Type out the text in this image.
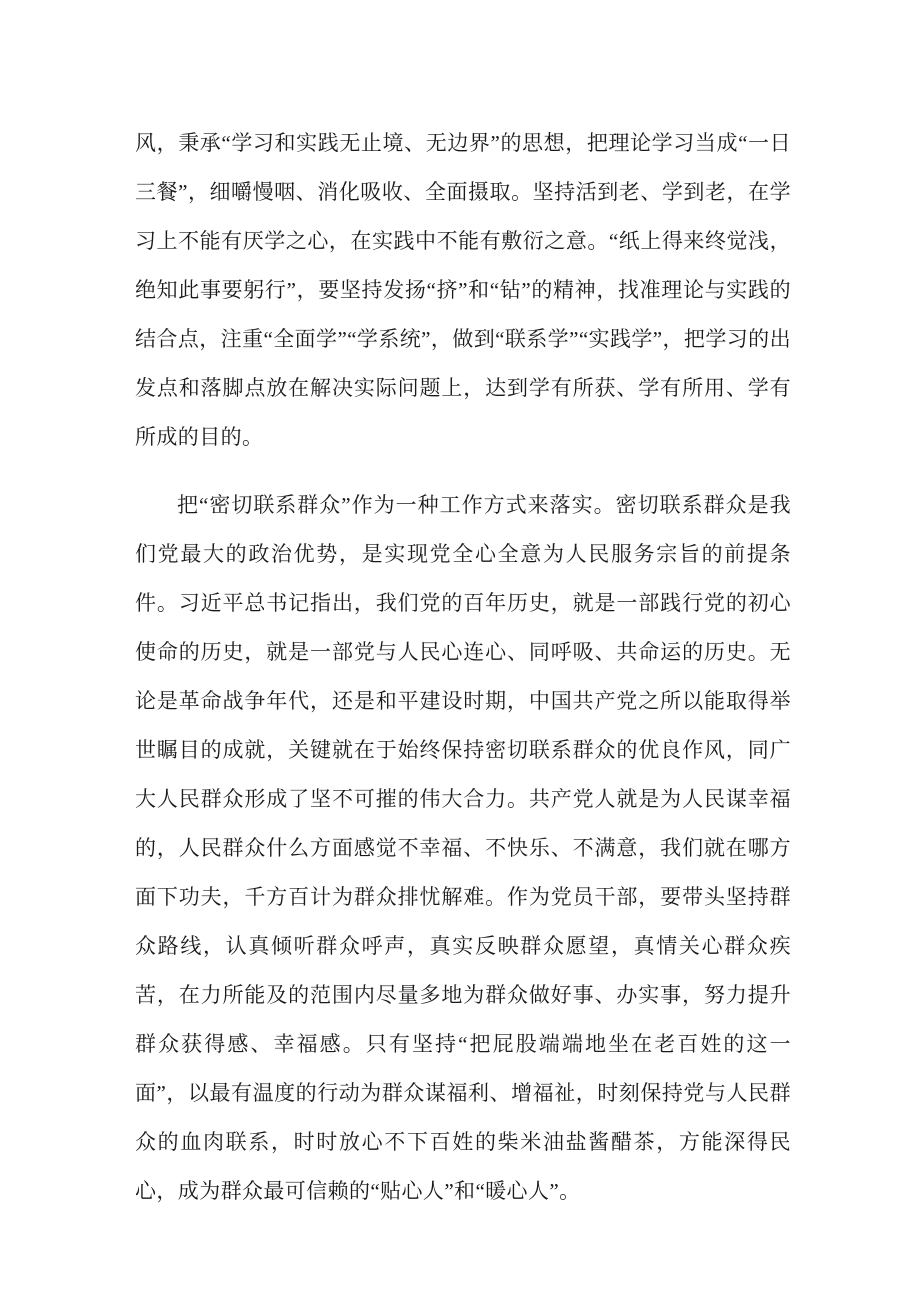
风，秉承“学习和实践无止境、无边界”的思想，把理论学习当成“一日三餐”，细嚼慢咽、消化吸收、全面摄取。坚持活到老、学到老，在学习上不能有厌学之心，在实践中不能有敷衍之意。“纸上得来终觉浅，绝知此事要躬行”，要坚持发扬“挤”和“钻”的精神，找准理论与实践的结合点，注重“全面学”“学系统”，做到“联系学”“实践学”，把学习的出发点和落脚点放在解决实际问题上，达到学有所获、学有所用、学有所成的目的。

把“密切联系群众”作为一种工作方式来落实。密切联系群众是我们党最大的政治优势，是实现党全心全意为人民服务宗旨的前提条件。习近平总书记指出，我们党的百年历史，就是一部践行党的初心使命的历史，就是一部党与人民心连心、同呼吸、共命运的历史。无论是革命战争年代，还是和平建设时期，中国共产党之所以能取得举世瞩目的成就，关键就在于始终保持密切联系群众的优良作风，同广大人民群众形成了坚不可摧的伟大合力。共产党人就是为人民谋幸福的，人民群众什么方面感觉不幸福、不快乐、不满意，我们就在哪方面下功夫，千方百计为群众排忧解难。作为党员干部，要带头坚持群众路线，认真倾听群众呼声，真实反映群众愿望，真情关心群众疾苦，在力所能及的范围内尽量多地为群众做好事、办实事，努力提升群众获得感、幸福感。只有坚持“把屁股端端地坐在老百姓的这一面”，以最有温度的行动为群众谋福利、增福祉，时刻保持党与人民群众的血肉联系，时时放心不下百姓的柴米油盐酱醋茶，方能深得民心，成为群众最可信赖的“贴心人”和“暖心人”。
